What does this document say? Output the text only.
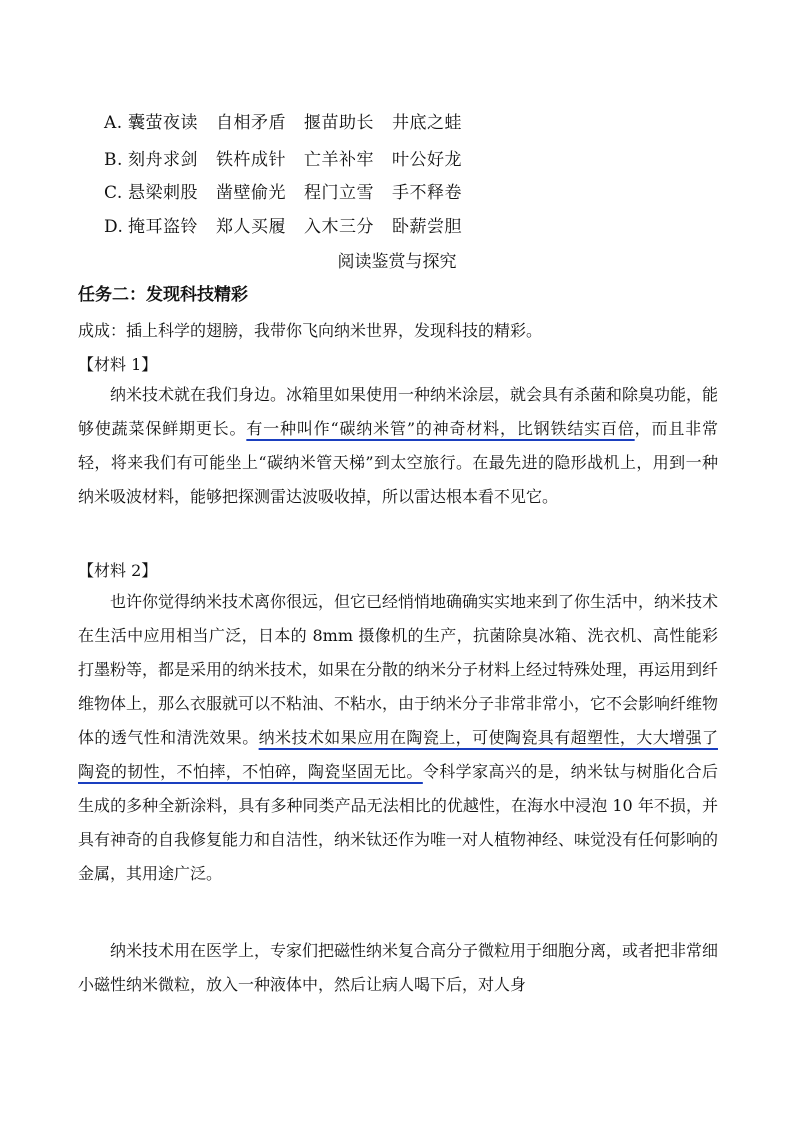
A. 囊萤夜读 自相矛盾 揠苗助长 井底之蛙
B. 刻舟求剑 铁杵成针 亡羊补牢 叶公好龙
C. 悬梁刺股 凿壁偷光 程门立雪 手不释卷
D. 掩耳盗铃 郑人买履 入木三分 卧薪尝胆
阅读鉴赏与探究
任务二：发现科技精彩
成成：插上科学的翅膀，我带你飞向纳米世界，发现科技的精彩。
【材料 1】
纳米技术就在我们身边。冰箱里如果使用一种纳米涂层，就会具有杀菌和除臭功能，能够使蔬菜保鲜期更长。有一种叫作“碳纳米管”的神奇材料，比钢铁结实百倍，而且非常轻，将来我们有可能坐上“碳纳米管天梯”到太空旅行。在最先进的隐形战机上，用到一种纳米吸波材料，能够把探测雷达波吸收掉，所以雷达根本看不见它。
【材料 2】
也许你觉得纳米技术离你很远，但它已经悄悄地确确实实地来到了你生活中，纳米技术在生活中应用相当广泛，日本的 8mm 摄像机的生产，抗菌除臭冰箱、洗衣机、高性能彩打墨粉等，都是采用的纳米技术，如果在分散的纳米分子材料上经过特殊处理，再运用到纤维物体上，那么衣服就可以不粘油、不粘水，由于纳米分子非常非常小，它不会影响纤维物体的透气性和清洗效果。纳米技术如果应用在陶瓷上，可使陶瓷具有超塑性，大大增强了陶瓷的韧性，不怕摔，不怕碎，陶瓷坚固无比。令科学家高兴的是，纳米钛与树脂化合后生成的多种全新涂料，具有多种同类产品无法相比的优越性，在海水中浸泡 10 年不损，并具有神奇的自我修复能力和自洁性，纳米钛还作为唯一对人植物神经、味觉没有任何影响的金属，其用途广泛。
纳米技术用在医学上，专家们把磁性纳米复合高分子微粒用于细胞分离，或者把非常细小磁性纳米微粒，放入一种液体中，然后让病人喝下后，对人身
